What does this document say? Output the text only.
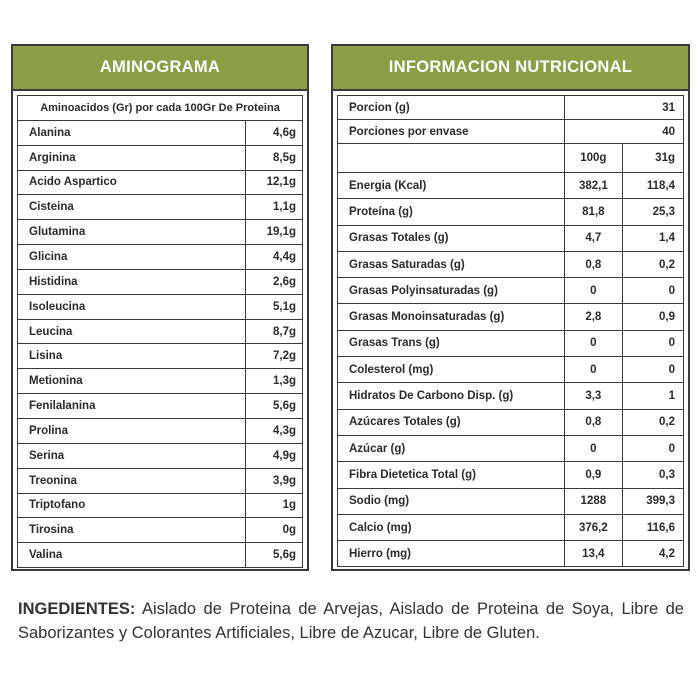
AMINOGRAMA
Aminoacidos (Gr) por cada 100Gr De Proteina	
Alanina	4,6g
Arginina	8,5g
Acido Aspartico	12,1g
Cisteina	1,1g
Glutamina	19,1g
Glicina	4,4g
Histidina	2,6g
Isoleucina	5,1g
Leucina	8,7g
Lisina	7,2g
Metionina	1,3g
Fenilalanina	5,6g
Prolina	4,3g
Serina	4,9g
Treonina	3,9g
Triptofano	1g
Tirosina	0g
Valina	5,6g
INFORMACION NUTRICIONAL
Porcion (g)	31	
Porciones por envase	40	
	100g	31g
Energia (Kcal)	382,1	118,4
Proteína (g)	81,8	25,3
Grasas Totales (g)	4,7	1,4
Grasas Saturadas (g)	0,8	0,2
Grasas Polyinsaturadas (g)	0	0
Grasas Monoinsaturadas (g)	2,8	0,9
Grasas Trans (g)	0	0
Colesterol (mg)	0	0
Hidratos De Carbono Disp. (g)	3,3	1
Azúcares Totales (g)	0,8	0,2
Azúcar (g)	0	0
Fibra Dietetica Total (g)	0,9	0,3
Sodio (mg)	1288	399,3
Calcio (mg)	376,2	116,6
Hierro (mg)	13,4	4,2

INGEDIENTES: Aislado de Proteina de Arvejas, Aislado de Proteina de Soya, Libre de Saborizantes y Colorantes Artificiales, Libre de Azucar, Libre de Gluten.
